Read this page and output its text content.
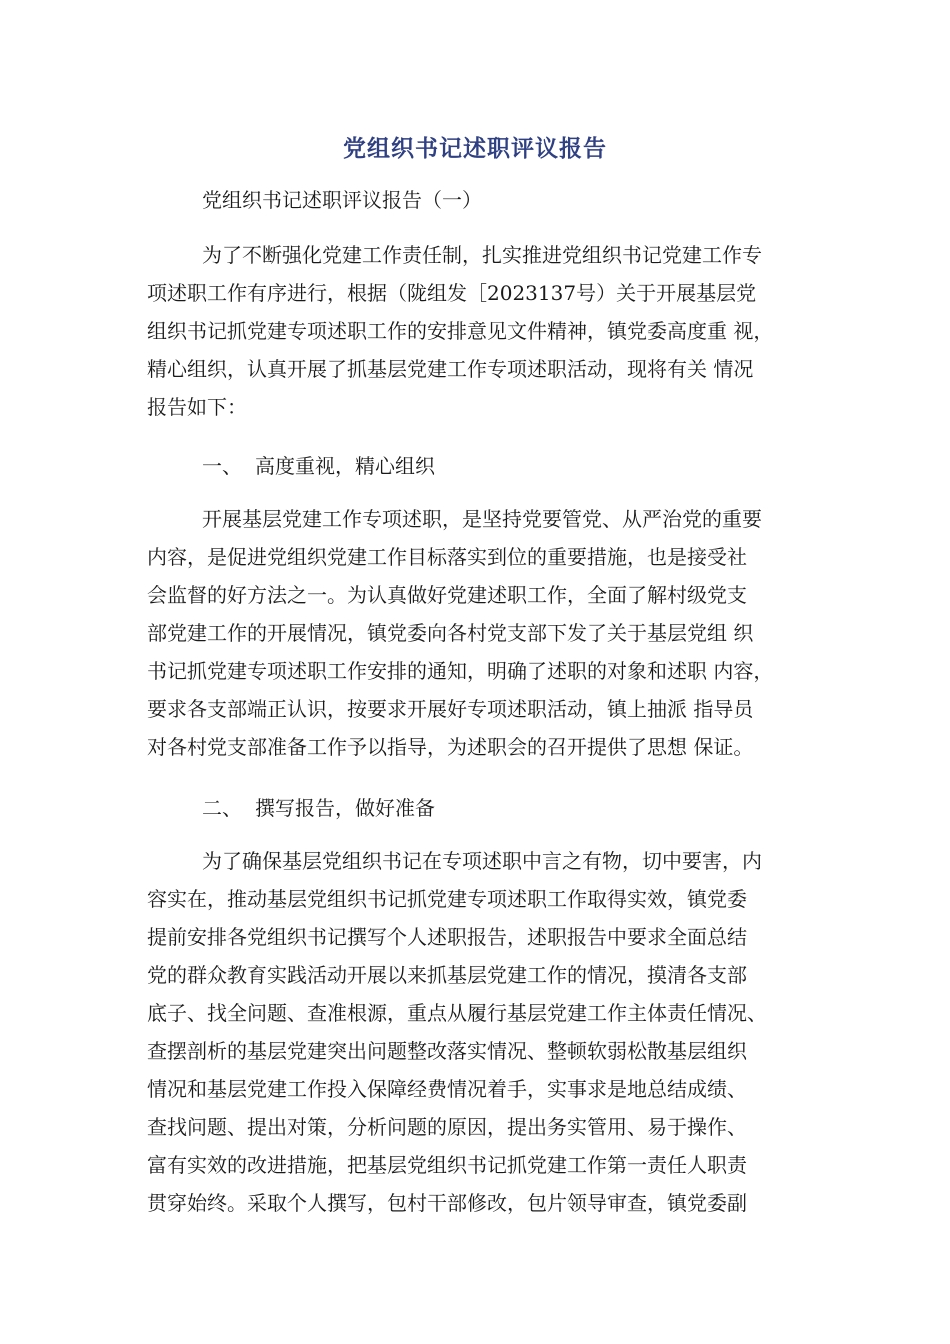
党组织书记述职评议报告

党组织书记述职评议报告（一）

为了不断强化党建工作责任制，扎实推进党组织书记党建工作专
项述职工作有序进行，根据（陇组发［2023137号）关于开展基层党
组织书记抓党建专项述职工作的安排意见文件精神，镇党委高度重 视，
精心组织，认真开展了抓基层党建工作专项述职活动，现将有关 情况
报告如下：

一、 高度重视，精心组织

开展基层党建工作专项述职，是坚持党要管党、从严治党的重要
内容，是促进党组织党建工作目标落实到位的重要措施，也是接受社
会监督的好方法之一。为认真做好党建述职工作，全面了解村级党支
部党建工作的开展情况，镇党委向各村党支部下发了关于基层党组 织
书记抓党建专项述职工作安排的通知，明确了述职的对象和述职 内容，
要求各支部端正认识，按要求开展好专项述职活动，镇上抽派 指导员
对各村党支部准备工作予以指导，为述职会的召开提供了思想 保证。

二、 撰写报告，做好准备

为了确保基层党组织书记在专项述职中言之有物，切中要害，内
容实在，推动基层党组织书记抓党建专项述职工作取得实效，镇党委
提前安排各党组织书记撰写个人述职报告，述职报告中要求全面总结
党的群众教育实践活动开展以来抓基层党建工作的情况，摸清各支部
底子、找全问题、查准根源，重点从履行基层党建工作主体责任情况、
查摆剖析的基层党建突出问题整改落实情况、整顿软弱松散基层组织
情况和基层党建工作投入保障经费情况着手，实事求是地总结成绩、
查找问题、提出对策，分析问题的原因，提出务实管用、易于操作、
富有实效的改进措施，把基层党组织书记抓党建工作第一责任人职责
贯穿始终。采取个人撰写，包村干部修改，包片领导审查，镇党委副
